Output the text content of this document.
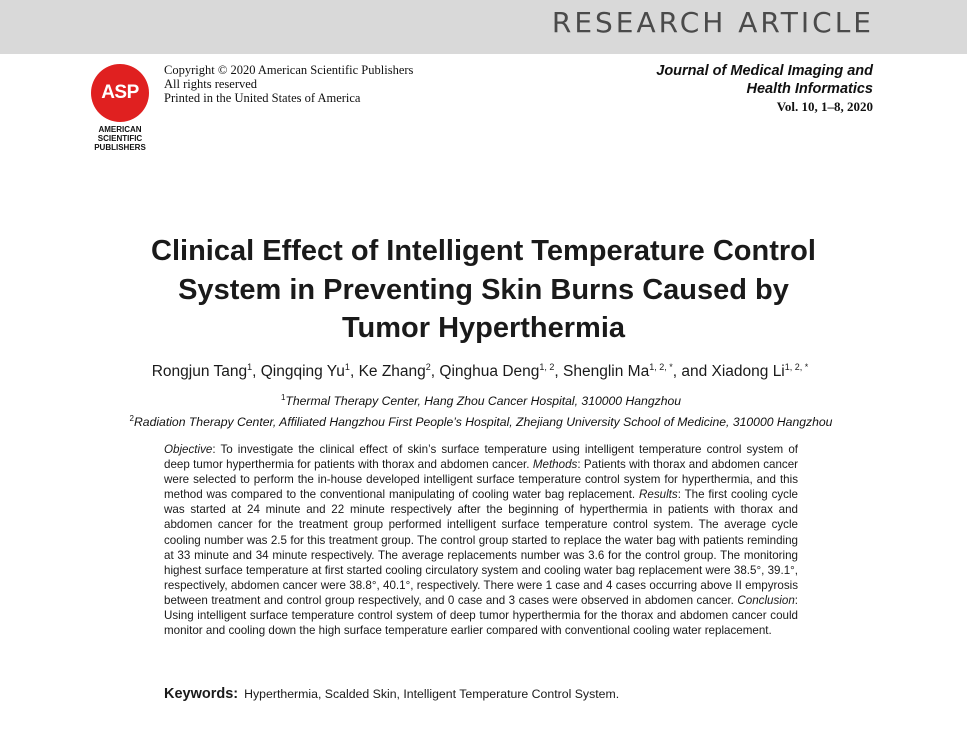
RESEARCH ARTICLE
ASP
AMERICAN
SCIENTIFIC
PUBLISHERS
Copyright © 2020 American Scientific Publishers
All rights reserved
Printed in the United States of America
Journal of Medical Imaging and
Health Informatics
Vol. 10, 1–8, 2020
Clinical Effect of Intelligent Temperature Control
System in Preventing Skin Burns Caused by
Tumor Hyperthermia
Rongjun Tang$^1$, Qingqing Yu$^1$, Ke Zhang$^2$, Qinghua Deng$^{1, 2}$, Shenglin $Ma^{1, 2, *}$, and Xiadong $Li^{1, 2, *}$
$^1$Thermal Therapy Center, Hang Zhou Cancer Hospital, 310000 Hangzhou
$^2$Radiation Therapy Center, Affiliated Hangzhou First People’s Hospital, Zhejiang University School of Medicine, 310000 Hangzhou
Objective: To investigate the clinical effect of skin’s surface temperature using intelligent temperature control system of deep tumor hyperthermia for patients with thorax and abdomen cancer. Methods: Patients with thorax and abdomen cancer were selected to perform the in-house developed intelligent surface temperature control system for hyperthermia, and this method was compared to the conventional manipulating of cooling water bag replacement. Results: The first cooling cycle was started at 24 minute and 22 minute respectively after the beginning of hyperthermia in patients with thorax and abdomen cancer for the treatment group performed intelligent surface temperature control system. The average cycle cooling number was 2.5 for this treatment group. The control group started to replace the water bag with patients reminding at 33 minute and 34 minute respectively. The average replacements number was 3.6 for the control group. The monitoring highest surface temperature at first started cooling circulatory system and cooling water bag replacement were 38.5°, 39.1°, respectively, abdomen cancer were 38.8°, 40.1°, respectively. There were 1 case and 4 cases occurring above II empyrosis between treatment and control group respectively, and 0 case and 3 cases were observed in abdomen cancer. Conclusion: Using intelligent surface temperature control system of deep tumor hyperthermia for the thorax and abdomen cancer could monitor and cooling down the high surface temperature earlier compared with conventional cooling water replacement.
Keywords: Hyperthermia, Scalded Skin, Intelligent Temperature Control System.
